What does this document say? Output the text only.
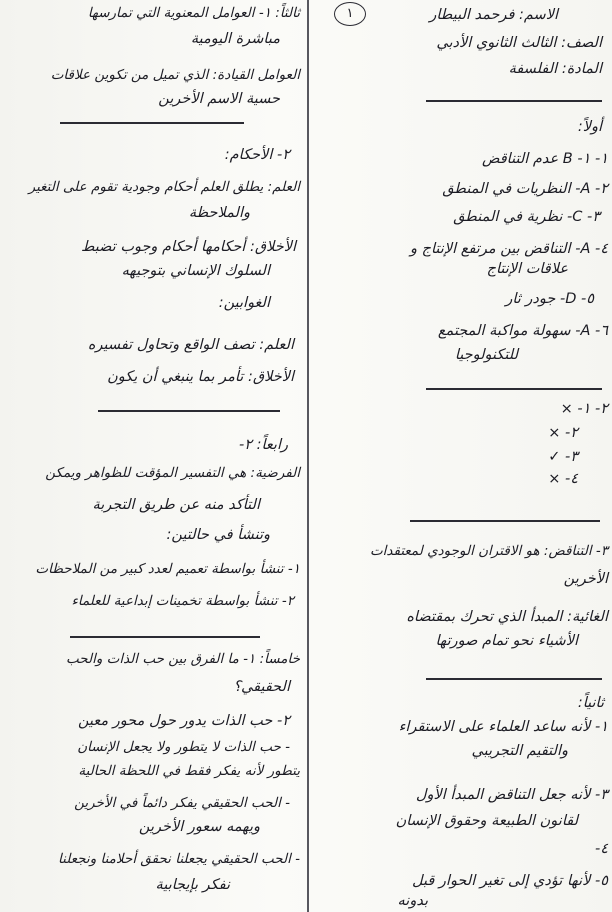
١	الاسم: فرحمد البيطار
الصف: الثالث الثانوي الأدبي
المادة: الفلسفة
أولاً:
١- ١- B عدم التناقض
٢- A- النظريات في المنطق
٣- C- نظرية في المنطق
٤- A- التناقض بين مرتفع الإنتاج و
علاقات الإنتاج
٥- D- جودر ثار
٦- A- سهولة مواكبة المجتمع
للتكنولوجيا
٢- ١- ×
٢- ×
٣- ✓
٤- ×
٣- التناقض: هو الاقتران الوجودي لمعتقدات
الأخرين
الغائية: المبدأ الذي تحرك بمقتضاه
الأشياء نحو تمام صورتها
ثانياً:
١- لأنه ساعد العلماء على الاستقراء
والتقيم التجريبي
٣- لأنه جعل التناقض المبدأ الأول
لقانون الطبيعة وحقوق الإنسان
٤-
٥- لأنها تؤدي إلى تغير الحوار قبل
بدونه
ثالثاً: ١- العوامل المعنوية التي تمارسها
مباشرة اليومية
العوامل القيادة: الذي تميل من تكوين علاقات
حسية الاسم الأخرين
٢- الأحكام:
العلم: يطلق العلم أحكام وجودية تقوم على التغير
والملاحظة
الأخلاق: أحكامها أحكام وجوب تضبط
السلوك الإنساني بتوجيهه
الغوابين:
العلم: تصف الواقع وتحاول تفسيره
الأخلاق: تأمر بما ينبغي أن يكون
رابعاً: ٢-
الفرضية: هي التفسير المؤقت للظواهر ويمكن
التأكد منه عن طريق التجربة
وتنشأ في حالتين:
١- تنشأ بواسطة تعميم لعدد كبير من الملاحظات
٢- تنشأ بواسطة تخمينات إبداعية للعلماء
خامساً: ١- ما الفرق بين حب الذات والحب
الحقيقي؟
٢- حب الذات يدور حول محور معين
- حب الذات لا يتطور ولا يجعل الإنسان
يتطور لأنه يفكر فقط في اللحظة الحالية
- الحب الحقيقي يفكر دائماً في الأخرين
ويهمه سعور الأخرين
- الحب الحقيقي يجعلنا نحقق أحلامنا ونجعلنا
نفكر بإيجابية
